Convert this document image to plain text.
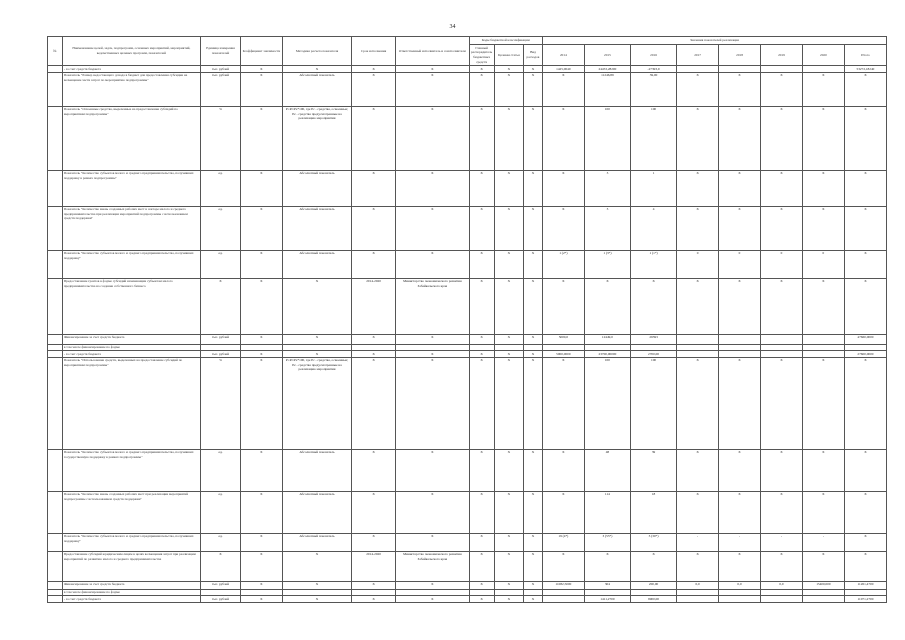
34
№	Наименование целей, задач, подпрограмм, основных мероприятий, мероприятий, ведомственных целевых программ, показателей	Единица измерения показателей	Коэффициент значимости	Методика расчета показателя	Срок исполнения	Ответственный исполнитель и соисполнители	Коды бюджетной классификации			Значения показателей реализации							
							Главный распорядитель бюджетных средств	Целевая статья	Вид расходов	2014	2015	2016	2017	2018	2019	2020	Итого
	- за счет средств бюджета	тыс. рублей	X	X	X	X	X	X	X	1425,0040	24453,28200	-27393,9					53272,18240
	Показатель "Размер недостающего дохода в бюджет для предоставления субсидии на возмещение части затрат по мероприятию подпрограммы"	тыс. рублей	X	Абсолютный показатель	X	X	X	X	X	X	11246,89	39,00	X	X	X	X	X
	Показатель "Освоенные средства, выделенные на предоставление субсидий по мероприятиям подпрограммы"	%	X	P=Pc/Pz*100, где Pc - средства, освоенные; Pz - средства предусмотренные на реализацию мероприятия	X	X	X	X	X	X	100	100	X	X	X	X	X
	Показатель "Количество субъектов малого и среднего предпринимательства, получивших поддержку в рамках подпрограммы"	ед.	X	Абсолютный показатель	X	X	X	X	X	X	3	1	X	X	X	X	X
	Показатель "Количество вновь созданных рабочих мест в секторе малого и среднего предпринимательства при реализации мероприятий подпрограммы с использованием средств поддержки"	ед.	X	Абсолютный показатель	X	X	X	X	X	X	3	4	X	X	X	X	X
	Показатель "Количество субъектов малого и среднего предпринимательства, получивших поддержку"	ед.	X	Абсолютный показатель	X	X	X	X	X	1 (2*)	1 (3*)	1 (1*)	0	0	0	0	X
	Предоставление грантов в форме субсидий начинающим субъектам малого предпринимательства на создание собственного бизнеса	X	X	X	2014-2020	Министерство экономического развития Забайкальского края	X	X	X	X	X	X	X	X	X	X	X
	Финансирование за счет средств бюджета	тыс. рублей	X	X	X	X	X	X	X	5000,0	12449,0	29393					47660,0000
	в том числе финансирование по форме																
	- за счет средств бюджета	тыс. рублей	X	X	X	X	X	X	X	5000,0000	23700,00000	2700,00					27600,0000
	Показатель "Использование средств, выделенных на предоставление субсидий по мероприятиям подпрограммы"	%	X	P=Pc/Pz*100, где Pc - средства, освоенные; Pz - средства предусмотренные на реализацию мероприятия	X	X	X	X	X	X	100	100	X	X	X	X	X
	Показатель "Количество субъектов малого и среднего предпринимательства, получивших государственную поддержку в рамках подпрограммы"	ед.	X	Абсолютный показатель	X	X	X	X	X	X	48	39	X	X	X	X	X
	Показатель "Количество вновь созданных рабочих мест при реализации мероприятий подпрограммы с использованием средств поддержки"	ед.	X	Абсолютный показатель	X	X	X	X	X	X	114	18	X	X	X	X	X
	Показатель "Количество субъектов малого и среднего предпринимательства, получивших поддержку"	ед.	X	Абсолютный показатель	X	X	X	X	X	19 (4*)	3 (55*)	3 (30*)	-	-	-	-	X
	Предоставление субсидий юридическим лицам в целях возмещения затрат при реализации мероприятий по развитию малого и среднего предпринимательства	X	X	X	2014-2020	Министерство экономического развития Забайкальского края	X	X	X	X	X	X	X	X	X	X	X
	Финансирование за счет средств бюджета	тыс. рублей	X	X	X	X	X	X	X	11082,5000	304	200,00	0,0	0,0	0,0	15400,000	11261,4700
	в том числе финансирование по форме																
	- за счет средств бюджета	тыс. рублей	X	X	X	X	X	X	X		1411,2700	9900,00					11071,2700
